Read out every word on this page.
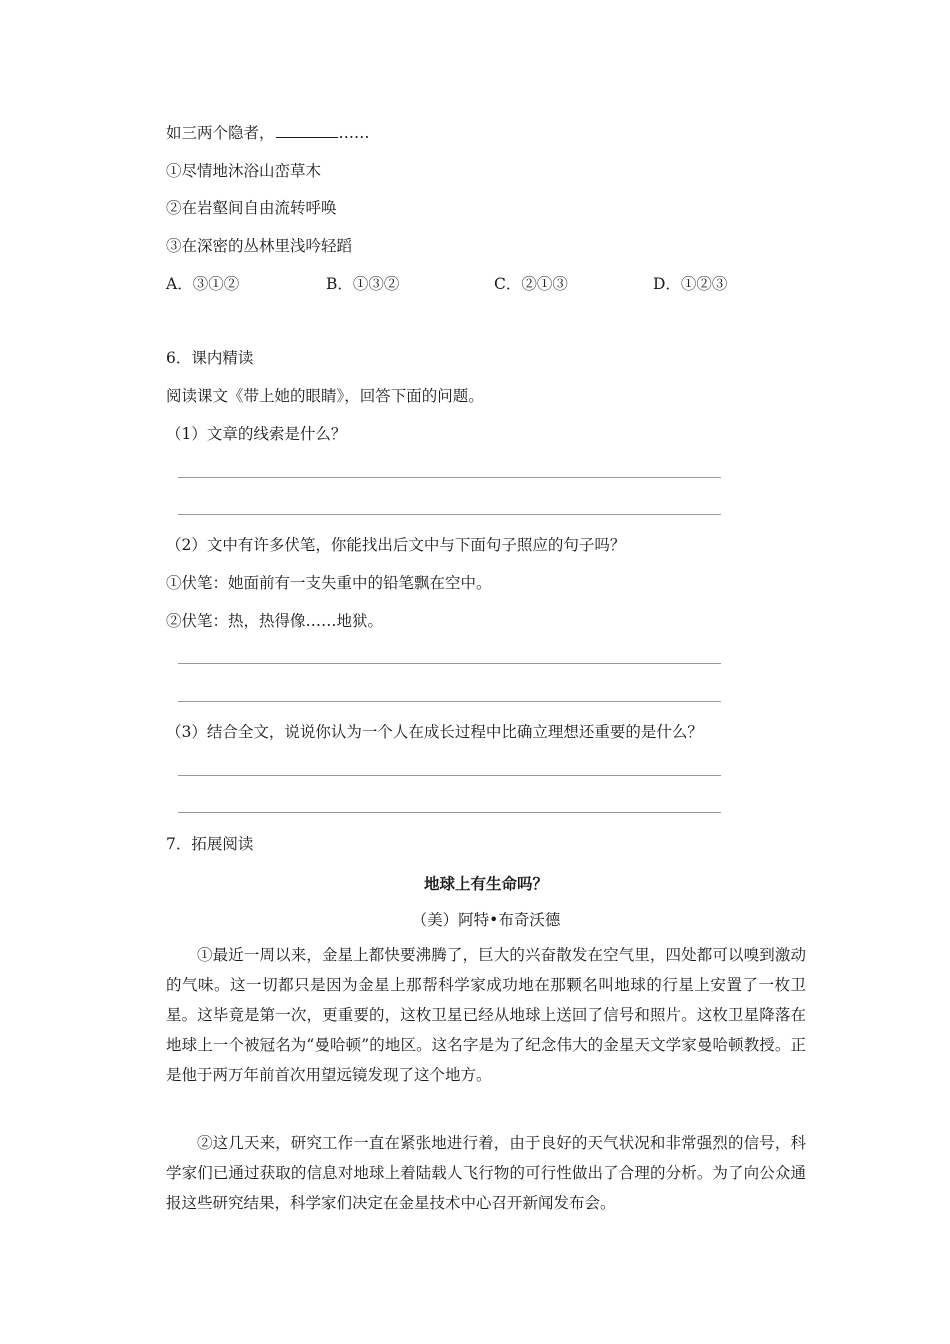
如三两个隐者，	……
①尽情地沐浴山峦草木
②在岩壑间自由流转呼唤
③在深密的丛林里浅吟轻蹈
A．③①②	B．①③②	C．②①③	D．①②③
6．课内精读
阅读课文《带上她的眼睛》，回答下面的问题。
（1）文章的线索是什么？
（2）文中有许多伏笔，你能找出后文中与下面句子照应的句子吗？
①伏笔：她面前有一支失重中的铅笔飘在空中。
②伏笔：热，热得像……地狱。
（3）结合全文，说说你认为一个人在成长过程中比确立理想还重要的是什么？
7．拓展阅读
地球上有生命吗？
（美）阿特•布奇沃德
①最近一周以来，金星上都快要沸腾了，巨大的兴奋散发在空气里，四处都可以嗅到激动的气味。这一切都只是因为金星上那帮科学家成功地在那颗名叫地球的行星上安置了一枚卫星。这毕竟是第一次，更重要的，这枚卫星已经从地球上送回了信号和照片。这枚卫星降落在地球上一个被冠名为“曼哈顿”的地区。这名字是为了纪念伟大的金星天文学家曼哈顿教授。正是他于两万年前首次用望远镜发现了这个地方。
②这几天来，研究工作一直在紧张地进行着，由于良好的天气状况和非常强烈的信号，科学家们已通过获取的信息对地球上着陆载人飞行物的可行性做出了合理的分析。为了向公众通报这些研究结果，科学家们决定在金星技术中心召开新闻发布会。
